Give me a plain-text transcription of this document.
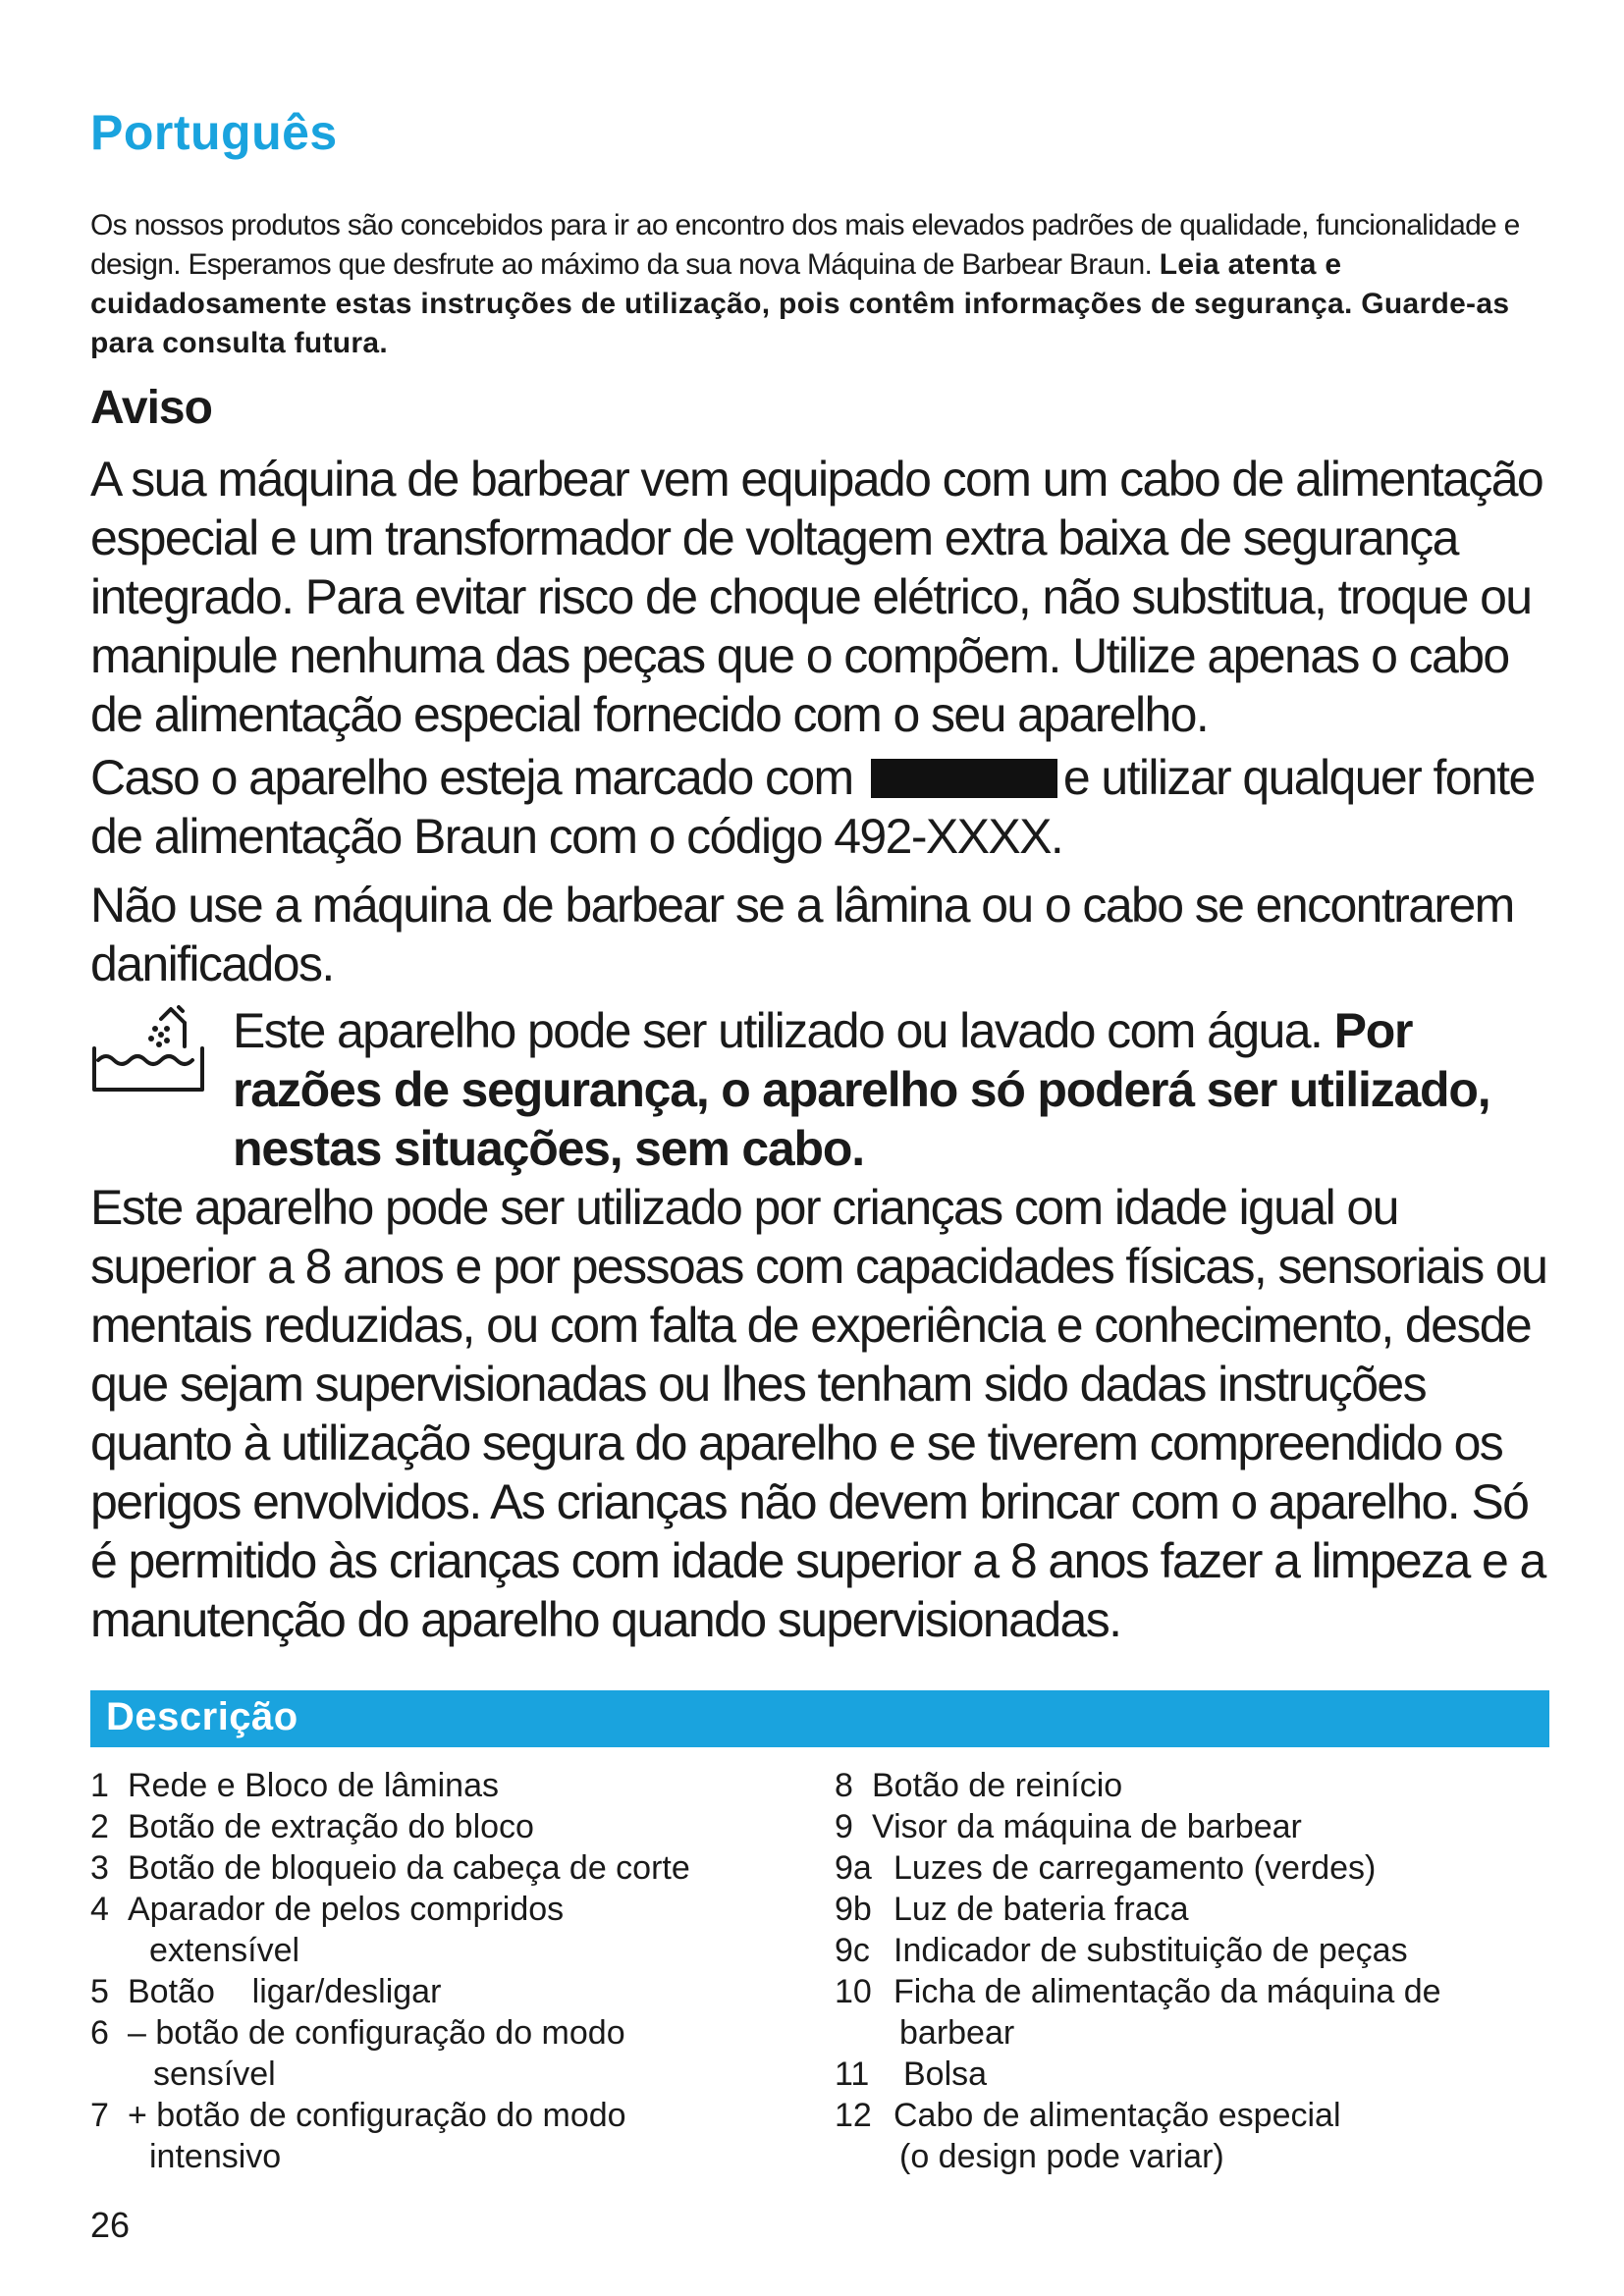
Português
Os nossos produtos são concebidos para ir ao encontro dos mais elevados padrões de qualidade, funcionalidade e design. Esperamos que desfrute ao máximo da sua nova Máquina de Barbear Braun. Leia atenta e cuidadosamente estas instruções de utilização, pois contêm informações de segurança. Guarde-as para consulta futura.
Aviso
A sua máquina de barbear vem equipado com um cabo de alimentação especial e um transformador de voltagem extra baixa de segurança integrado. Para evitar risco de choque elétrico, não substitua, troque ou manipule nenhuma das peças que o compõem. Utilize apenas o cabo de alimentação especial fornecido com o seu aparelho.
Caso o aparelho esteja marcado com	e utilizar qualquer fonte de alimentação Braun com o código 492-XXXX.
Não use a máquina de barbear se a lâmina ou o cabo se encontrarem danificados.
Este aparelho pode ser utilizado ou lavado com água. Por razões de segurança, o aparelho só poderá ser utilizado, nestas situações, sem cabo.
Este aparelho pode ser utilizado por crianças com idade igual ou superior a 8 anos e por pessoas com capacidades físicas, sensoriais ou mentais reduzidas, ou com falta de experiência e conhecimento, desde que sejam supervisionadas ou lhes tenham sido dadas instruções quanto à utilização segura do aparelho e se tiverem compreendido os perigos envolvidos. As crianças não devem brincar com o aparelho. Só é permitido às crianças com idade superior a 8 anos fazer a limpeza e a manutenção do aparelho quando supervisionadas.
Descrição
1 Rede e Bloco de lâminas
2 Botão de extração do bloco
3 Botão de bloqueio da cabeça de corte
4 Aparador de pelos compridos
extensível
5 Botão    ligar/desligar
6 – botão de configuração do modo
sensível
7 + botão de configuração do modo
intensivo
8 Botão de reinício
9 Visor da máquina de barbear
9a Luzes de carregamento (verdes)
9b Luz de bateria fraca
9c Indicador de substituição de peças
10 Ficha de alimentação da máquina de
barbear
11	Bolsa
12 Cabo de alimentação especial
(o design pode variar)
26
